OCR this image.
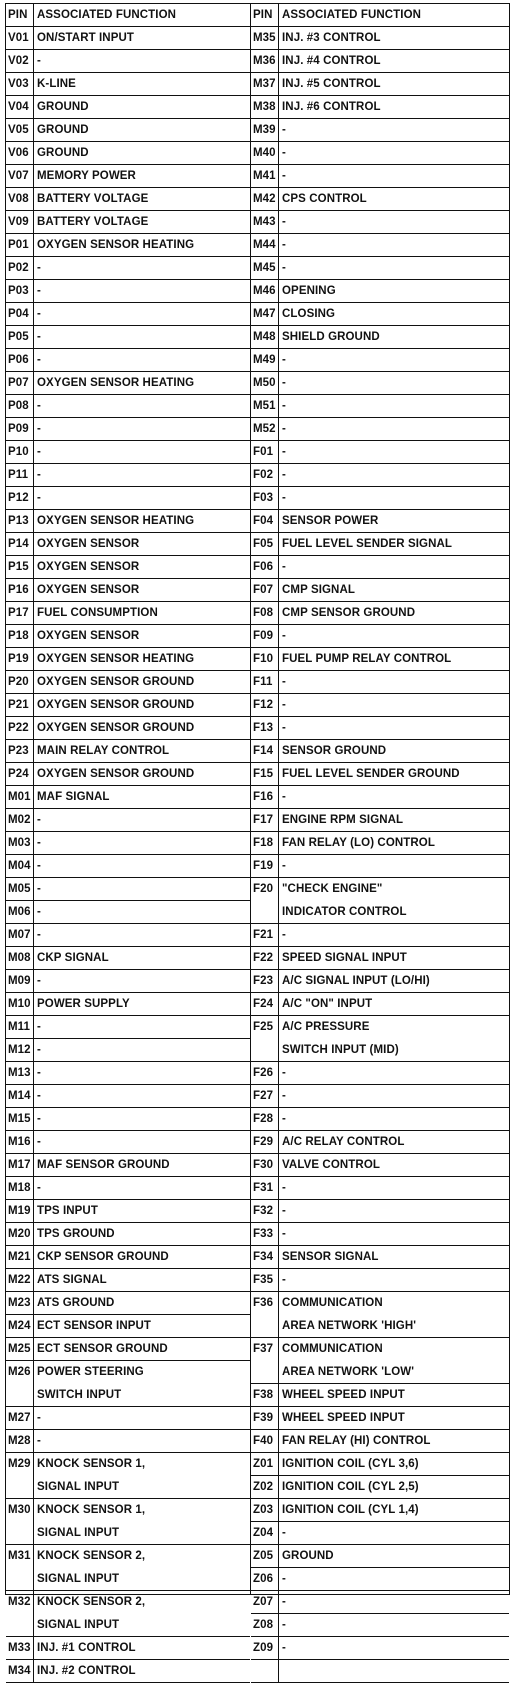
PIN ASSOCIATED FUNCTION
V01 ON/START INPUT
V02 -
V03 K-LINE
V04 GROUND
V05 GROUND
V06 GROUND
V07 MEMORY POWER
V08 BATTERY VOLTAGE
V09 BATTERY VOLTAGE
P01 OXYGEN SENSOR HEATING
P02 -
P03 -
P04 -
P05 -
P06 -
P07 OXYGEN SENSOR HEATING
P08 -
P09 -
P10 -
P11 -
P12 -
P13 OXYGEN SENSOR HEATING
P14 OXYGEN SENSOR
P15 OXYGEN SENSOR
P16 OXYGEN SENSOR
P17 FUEL CONSUMPTION
P18 OXYGEN SENSOR
P19 OXYGEN SENSOR HEATING
P20 OXYGEN SENSOR GROUND
P21 OXYGEN SENSOR GROUND
P22 OXYGEN SENSOR GROUND
P23 MAIN RELAY CONTROL
P24 OXYGEN SENSOR GROUND
M01 MAF SIGNAL
M02 -
M03 -
M04 -
M05 -
M06 -
M07 -
M08 CKP SIGNAL
M09 -
M10 POWER SUPPLY
M11 -
M12 -
M13 -
M14 -
M15 -
M16 -
M17 MAF SENSOR GROUND
M18 -
M19 TPS INPUT
M20 TPS GROUND
M21 CKP SENSOR GROUND
M22 ATS SIGNAL
M23 ATS GROUND
M24 ECT SENSOR INPUT
M25 ECT SENSOR GROUND
M26 POWER STEERING
SWITCH INPUT
M27 -
M28 -
M29 KNOCK SENSOR 1,
SIGNAL INPUT
M30 KNOCK SENSOR 1,
SIGNAL INPUT
M31 KNOCK SENSOR 2,
SIGNAL INPUT
M32 KNOCK SENSOR 2,
SIGNAL INPUT
M33 INJ. #1 CONTROL
M34 INJ. #2 CONTROL
PIN ASSOCIATED FUNCTION
M35 INJ. #3 CONTROL
M36 INJ. #4 CONTROL
M37 INJ. #5 CONTROL
M38 INJ. #6 CONTROL
M39 -
M40 -
M41 -
M42 CPS CONTROL
M43 -
M44 -
M45 -
M46 OPENING
M47 CLOSING
M48 SHIELD GROUND
M49 -
M50 -
M51 -
M52 -
F01 -
F02 -
F03 -
F04 SENSOR POWER
F05 FUEL LEVEL SENDER SIGNAL
F06 -
F07 CMP SIGNAL
F08 CMP SENSOR GROUND
F09 -
F10 FUEL PUMP RELAY CONTROL
F11 -
F12 -
F13 -
F14 SENSOR GROUND
F15 FUEL LEVEL SENDER GROUND
F16 -
F17 ENGINE RPM SIGNAL
F18 FAN RELAY (LO) CONTROL
F19 -
F20 "CHECK ENGINE"
INDICATOR CONTROL
F21 -
F22 SPEED SIGNAL INPUT
F23 A/C SIGNAL INPUT (LO/HI)
F24 A/C "ON" INPUT
F25 A/C PRESSURE
SWITCH INPUT (MID)
F26 -
F27 -
F28 -
F29 A/C RELAY CONTROL
F30 VALVE CONTROL
F31 -
F32 -
F33 -
F34 SENSOR SIGNAL
F35 -
F36 COMMUNICATION
AREA NETWORK 'HIGH'
F37 COMMUNICATION
AREA NETWORK 'LOW'
F38 WHEEL SPEED INPUT
F39 WHEEL SPEED INPUT
F40 FAN RELAY (HI) CONTROL
Z01 IGNITION COIL (CYL 3,6)
Z02 IGNITION COIL (CYL 2,5)
Z03 IGNITION COIL (CYL 1,4)
Z04 -
Z05 GROUND
Z06 -
Z07 -
Z08 -
Z09 -
